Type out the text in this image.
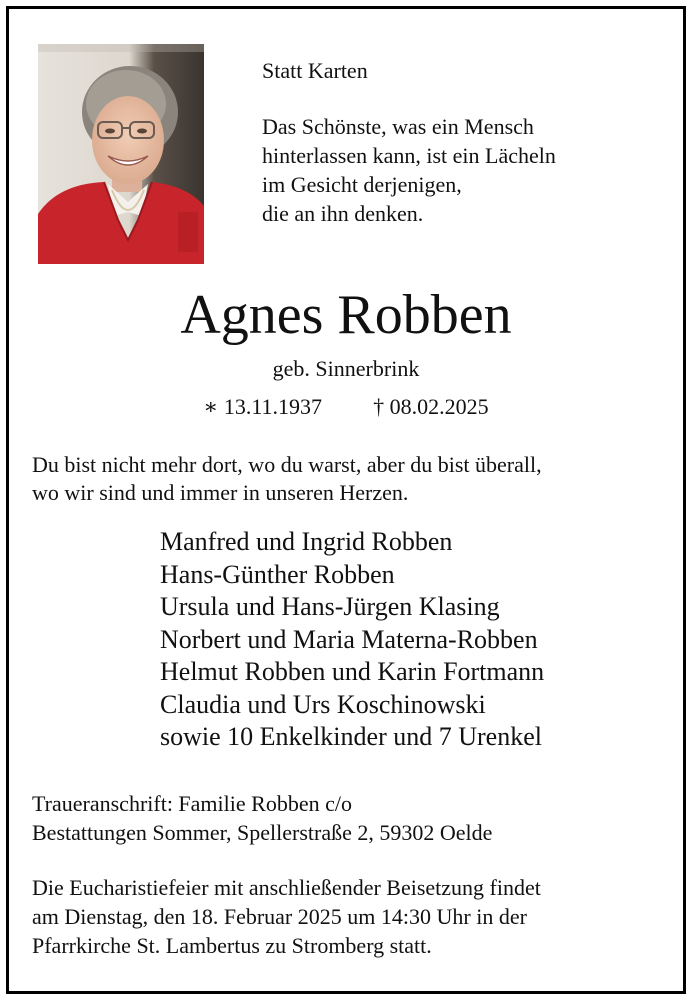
Statt Karten
Das Schönste, was ein Mensch
hinterlassen kann, ist ein Lächeln
im Gesicht derjenigen,
die an ihn denken.
Agnes Robben
geb. Sinnerbrink
∗ 13.11.1937 † 08.02.2025
Du bist nicht mehr dort, wo du warst, aber du bist überall,
wo wir sind und immer in unseren Herzen.
Manfred und Ingrid Robben
Hans-Günther Robben
Ursula und Hans-Jürgen Klasing
Norbert und Maria Materna-Robben
Helmut Robben und Karin Fortmann
Claudia und Urs Koschinowski
sowie 10 Enkelkinder und 7 Urenkel
Traueranschrift: Familie Robben c/o
Bestattungen Sommer, Spellerstraße 2, 59302 Oelde
Die Eucharistiefeier mit anschließender Beisetzung findet
am Dienstag, den 18. Februar 2025 um 14:30 Uhr in der
Pfarrkirche St. Lambertus zu Stromberg statt.
